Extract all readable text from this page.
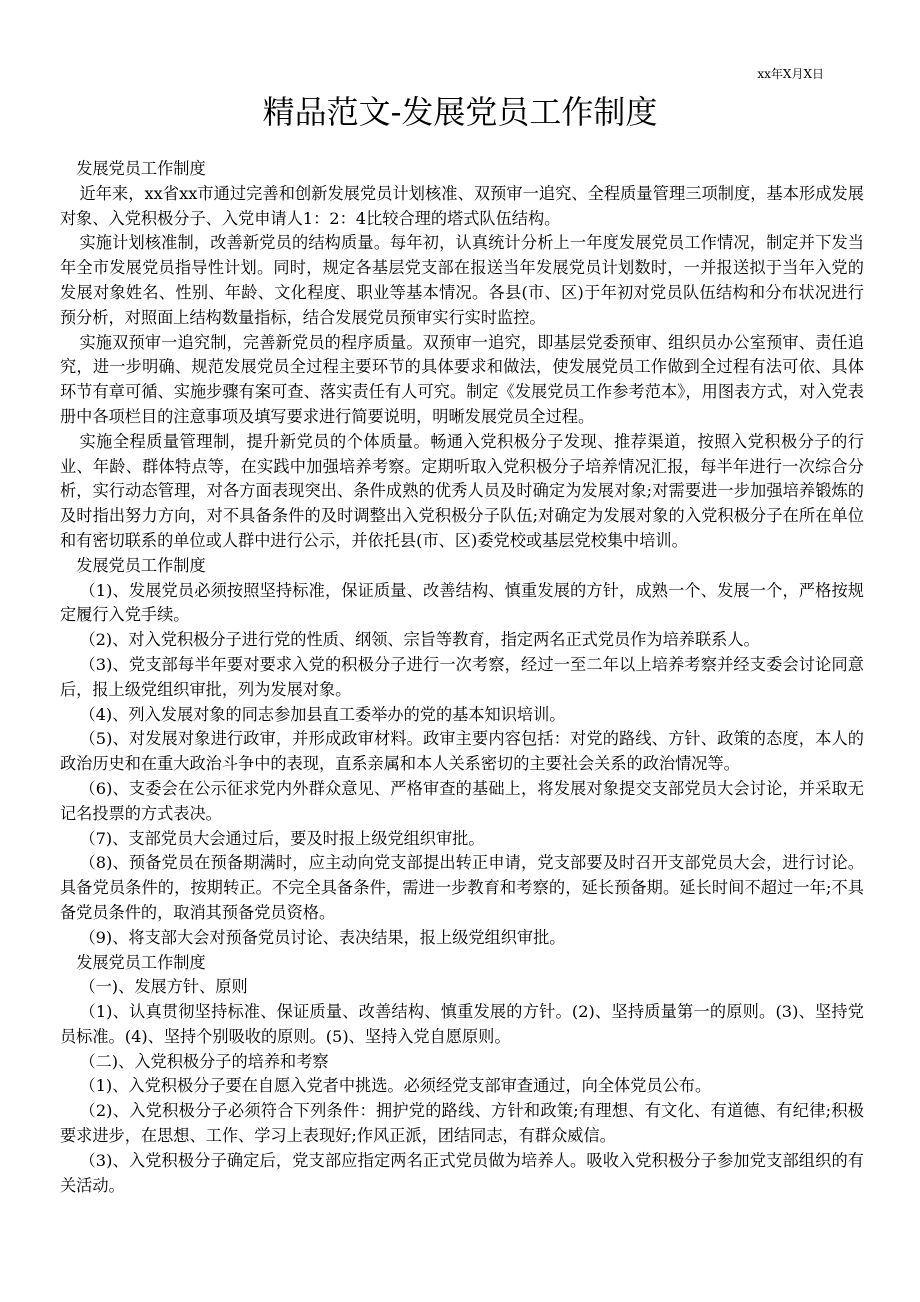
xx年X月X日
精品范文-发展党员工作制度

发展党员工作制度

近年来，xx省xx市通过完善和创新发展党员计划核准、双预审一追究、全程质量管理三项制度，基本形成发展对象、入党积极分子、入党申请人1：2：4比较合理的塔式队伍结构。

实施计划核准制，改善新党员的结构质量。每年初，认真统计分析上一年度发展党员工作情况，制定并下发当年全市发展党员指导性计划。同时，规定各基层党支部在报送当年发展党员计划数时，一并报送拟于当年入党的发展对象姓名、性别、年龄、文化程度、职业等基本情况。各县(市、区)于年初对党员队伍结构和分布状况进行预分析，对照面上结构数量指标，结合发展党员预审实行实时监控。

实施双预审一追究制，完善新党员的程序质量。双预审一追究，即基层党委预审、组织员办公室预审、责任追究，进一步明确、规范发展党员全过程主要环节的具体要求和做法，使发展党员工作做到全过程有法可依、具体环节有章可循、实施步骤有案可查、落实责任有人可究。制定《发展党员工作参考范本》，用图表方式，对入党表册中各项栏目的注意事项及填写要求进行简要说明，明晰发展党员全过程。

实施全程质量管理制，提升新党员的个体质量。畅通入党积极分子发现、推荐渠道，按照入党积极分子的行业、年龄、群体特点等，在实践中加强培养考察。定期听取入党积极分子培养情况汇报，每半年进行一次综合分析，实行动态管理，对各方面表现突出、条件成熟的优秀人员及时确定为发展对象;对需要进一步加强培养锻炼的及时指出努力方向，对不具备条件的及时调整出入党积极分子队伍;对确定为发展对象的入党积极分子在所在单位和有密切联系的单位或人群中进行公示，并依托县(市、区)委党校或基层党校集中培训。

发展党员工作制度

（1)、发展党员必须按照坚持标准，保证质量、改善结构、慎重发展的方针，成熟一个、发展一个，严格按规定履行入党手续。

（2)、对入党积极分子进行党的性质、纲领、宗旨等教育，指定两名正式党员作为培养联系人。

（3)、党支部每半年要对要求入党的积极分子进行一次考察，经过一至二年以上培养考察并经支委会讨论同意后，报上级党组织审批，列为发展对象。

（4)、列入发展对象的同志参加县直工委举办的党的基本知识培训。

（5)、对发展对象进行政审，并形成政审材料。政审主要内容包括：对党的路线、方针、政策的态度，本人的政治历史和在重大政治斗争中的表现，直系亲属和本人关系密切的主要社会关系的政治情况等。

（6)、支委会在公示征求党内外群众意见、严格审查的基础上，将发展对象提交支部党员大会讨论，并采取无记名投票的方式表决。

（7)、支部党员大会通过后，要及时报上级党组织审批。

（8)、预备党员在预备期满时，应主动向党支部提出转正申请，党支部要及时召开支部党员大会，进行讨论。具备党员条件的，按期转正。不完全具备条件，需进一步教育和考察的，延长预备期。延长时间不超过一年;不具备党员条件的，取消其预备党员资格。

（9)、将支部大会对预备党员讨论、表决结果，报上级党组织审批。

发展党员工作制度

（一)、发展方针、原则

（1)、认真贯彻坚持标准、保证质量、改善结构、慎重发展的方针。(2)、坚持质量第一的原则。(3)、坚持党员标准。(4)、坚持个别吸收的原则。(5)、坚持入党自愿原则。

（二)、入党积极分子的培养和考察

（1)、入党积极分子要在自愿入党者中挑选。必须经党支部审查通过，向全体党员公布。

（2)、入党积极分子必须符合下列条件：拥护党的路线、方针和政策;有理想、有文化、有道德、有纪律;积极要求进步，在思想、工作、学习上表现好;作风正派，团结同志，有群众威信。

（3)、入党积极分子确定后，党支部应指定两名正式党员做为培养人。吸收入党积极分子参加党支部组织的有关活动。
